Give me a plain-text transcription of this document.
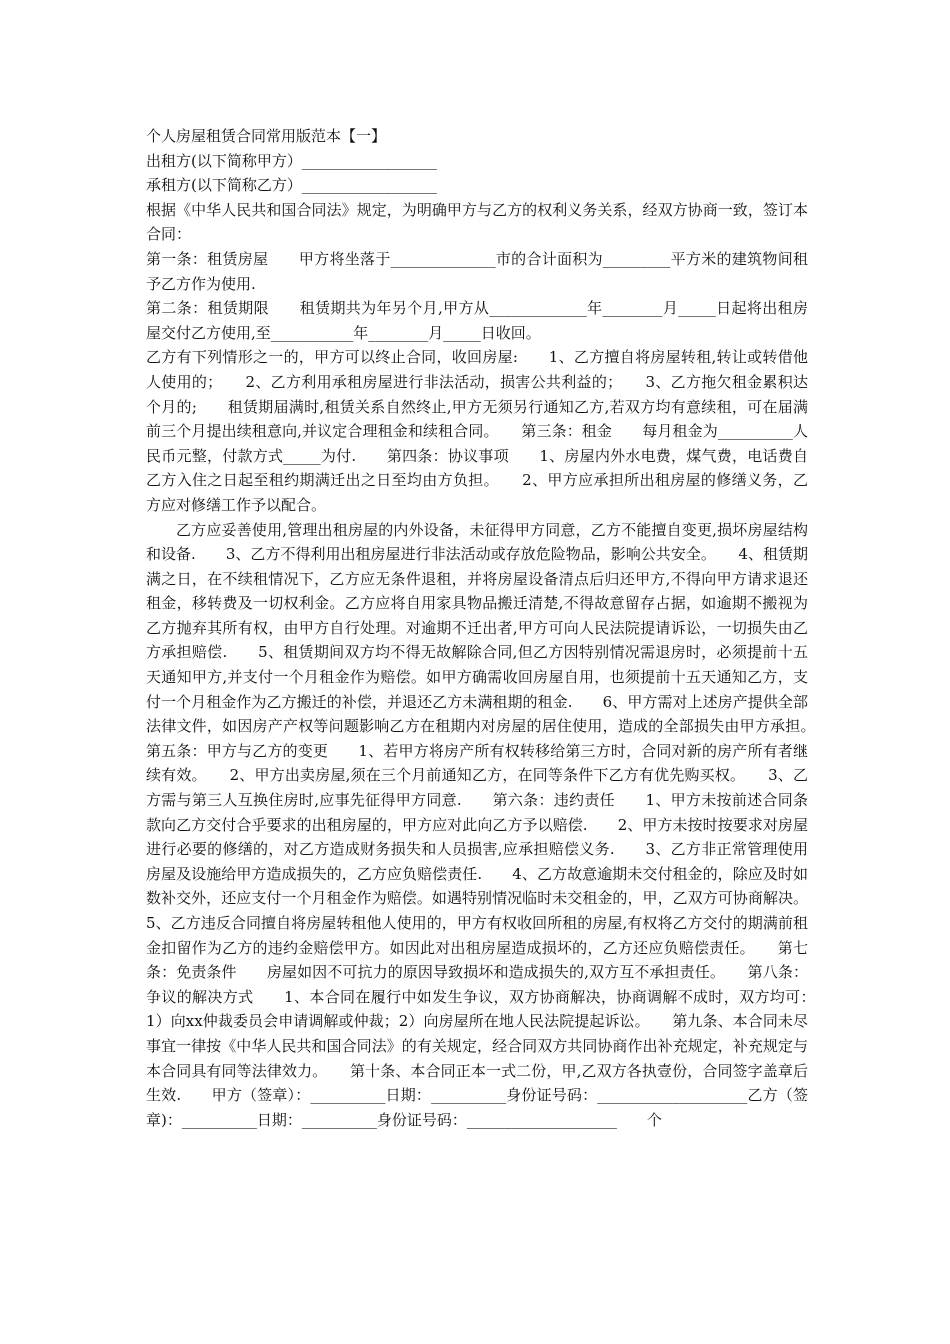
个人房屋租赁合同常用版范本【一】

出租方(以下简称甲方）__________________

承租方(以下简称乙方）__________________

根据《中华人民共和国合同法》规定，为明确甲方与乙方的权利义务关系，经双方协商一致，签订本合同：

第一条：租赁房屋　　甲方将坐落于______________市的合计面积为_________平方米的建筑物间租予乙方作为使用.

第二条：租赁期限　　租赁期共为年另个月,甲方从_____________年________月_____日起将出租房屋交付乙方使用,至___________年________月_____日收回。

乙方有下列情形之一的，甲方可以终止合同，收回房屋:　　1、乙方擅自将房屋转租,转让或转借他人使用的；　　2、乙方利用承租房屋进行非法活动，损害公共利益的；　　3、乙方拖欠租金累积达个月的;　　租赁期届满时,租赁关系自然终止,甲方无须另行通知乙方,若双方均有意续租，可在届满前三个月提出续租意向,并议定合理租金和续租合同。　　第三条：租金　　每月租金为__________人民币元整，付款方式_____为付.　　第四条：协议事项　　1、房屋内外水电费，煤气费，电话费自乙方入住之日起至租约期满迁出之日至均由方负担。　　2、甲方应承担所出租房屋的修缮义务，乙方应对修缮工作予以配合。

乙方应妥善使用,管理出租房屋的内外设备，未征得甲方同意，乙方不能擅自变更,损坏房屋结构和设备.　　3、乙方不得利用出租房屋进行非法活动或存放危险物品，影响公共安全。　　4、租赁期满之日，在不续租情况下，乙方应无条件退租，并将房屋设备清点后归还甲方,不得向甲方请求退还租金，移转费及一切权利金。乙方应将自用家具物品搬迁清楚,不得故意留存占据，如逾期不搬视为乙方抛弃其所有权，由甲方自行处理。对逾期不迁出者,甲方可向人民法院提请诉讼，一切损失由乙方承担赔偿.　　5、租赁期间双方均不得无故解除合同,但乙方因特别情况需退房时，必须提前十五天通知甲方,并支付一个月租金作为赔偿。如甲方确需收回房屋自用，也须提前十五天通知乙方，支付一个月租金作为乙方搬迁的补偿，并退还乙方未满租期的租金.　　6、甲方需对上述房产提供全部法律文件，如因房产产权等问题影响乙方在租期内对房屋的居住使用，造成的全部损失由甲方承担。　　第五条：甲方与乙方的变更　　1、若甲方将房产所有权转移给第三方时，合同对新的房产所有者继续有效。　　2、甲方出卖房屋,须在三个月前通知乙方，在同等条件下乙方有优先购买权。　　3、乙方需与第三人互换住房时,应事先征得甲方同意.　　第六条：违约责任　　1、甲方未按前述合同条款向乙方交付合乎要求的出租房屋的，甲方应对此向乙方予以赔偿.　　2、甲方未按时按要求对房屋进行必要的修缮的，对乙方造成财务损失和人员损害,应承担赔偿义务.　　3、乙方非正常管理使用房屋及设施给甲方造成损失的，乙方应负赔偿责任.　　4、乙方故意逾期未交付租金的，除应及时如数补交外，还应支付一个月租金作为赔偿。如遇特别情况临时未交租金的，甲，乙双方可协商解决。5、乙方违反合同擅自将房屋转租他人使用的，甲方有权收回所租的房屋,有权将乙方交付的期满前租金扣留作为乙方的违约金赔偿甲方。如因此对出租房屋造成损坏的，乙方还应负赔偿责任。　　第七条：免责条件　　房屋如因不可抗力的原因导致损坏和造成损失的,双方互不承担责任。　　第八条：争议的解决方式　　1、本合同在履行中如发生争议，双方协商解决，协商调解不成时，双方均可：　　1）向xx仲裁委员会申请调解或仲裁；2）向房屋所在地人民法院提起诉讼。　　第九条、本合同未尽事宜一律按《中华人民共和国合同法》的有关规定，经合同双方共同协商作出补充规定，补充规定与本合同具有同等法律效力。　　第十条、本合同正本一式二份，甲,乙双方各执壹份，合同签字盖章后生效.　　甲方（签章）：__________日期：__________身份证号码：____________________乙方（签章)：__________日期：__________身份证号码：____________________　　个
